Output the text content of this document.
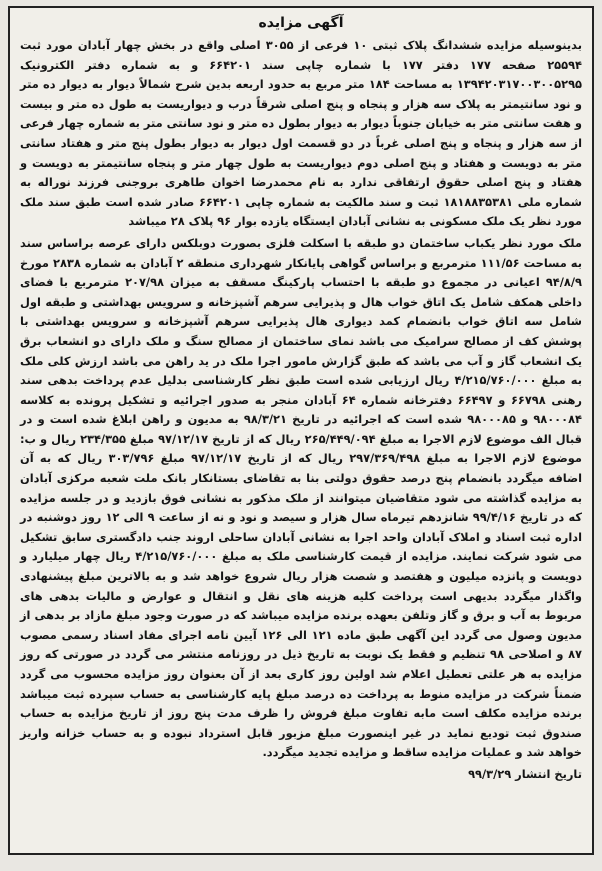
آگهی مزایده

بدینوسیله مزایده ششدانگ پلاک ثبتی ۱۰ فرعی از ۳۰۵۵ اصلی واقع در بخش چهار آبادان مورد ثبت ۲۵۵۹۴ صفحه ۱۷۷ دفتر ۱۷۷ با شماره چاپی سند ۶۶۴۲۰۱ و به شماره دفتر الکترونیک ۱۳۹۴۲۰۳۱۷۰۰۳۰۰۵۲۹۵ به مساحت ۱۸۴ متر مربع به حدود اربعه بدین شرح شمالاً دیوار به دیوار ده متر و نود سانتیمتر به پلاک سه هزار و پنجاه و پنج اصلی شرقاً درب و دیواریست به طول ده متر و بیست و هفت سانتی متر به خیابان جنوباً دیوار به دیوار بطول ده متر و نود سانتی متر به شماره چهار فرعی از سه هزار و پنجاه و پنج اصلی غرباً در دو قسمت اول دیوار به دیوار بطول پنج متر و هفتاد سانتی متر به دویست و هفتاد و پنج اصلی دوم دیواریست به طول چهار متر و پنجاه سانتیمتر به دویست و هفتاد و پنج اصلی حقوق ارتفاقی ندارد به نام محمدرضا اخوان طاهری بروجنی فرزند نوراله به شماره ملی ۱۸۱۸۸۳۵۳۸۱ ثبت و سند مالکیت به شماره چاپی ۶۶۴۲۰۱ صادر شده است طبق سند ملک مورد نظر یک ملک مسکونی به نشانی آبادان ایستگاه یازده بوار ۹۶ پلاک ۲۸ میباشد

ملک مورد نظر یکباب ساختمان دو طبقه با اسکلت فلزی بصورت دوبلکس دارای عرصه براساس سند به مساحت ۱۱۱/۵۶ مترمربع و براساس گواهی پایانکار شهرداری منطقه ۲ آبادان به شماره ۲۸۳۸ مورخ ۹۴/۸/۹ اعیانی در مجموع دو طبقه با احتساب پارکینگ مسقف به میزان ۲۰۷/۹۸ مترمربع با فضای داخلی همکف شامل یک اتاق خواب هال و پذیرایی سرهم آشپزخانه و سرویس بهداشتی و طبقه اول شامل سه اتاق خواب بانضمام کمد دیواری هال پذیرایی سرهم آشپزخانه و سرویس بهداشتی با پوشش کف از مصالح سرامیک می باشد نمای ساختمان از مصالح سنگ و ملک دارای دو انشعاب برق یک انشعاب گاز و آب می باشد که طبق گزارش مامور اجرا ملک در ید راهن می باشد ارزش کلی ملک به مبلغ ۴/۲۱۵/۷۶۰/۰۰۰ ریال ارزیابی شده است طبق نظر کارشناسی بدلیل عدم پرداخت بدهی سند رهنی ۶۶۷۹۸ و ۶۶۴۹۷ دفترخانه شماره ۶۴ آبادان منجر به صدور اجرائیه و تشکیل پرونده به کلاسه ۹۸۰۰۰۸۴ و ۹۸۰۰۰۸۵ شده است که اجرائیه در تاریخ ۹۸/۳/۲۱ به مدیون و راهن ابلاغ شده است و در قبال الف موضوع لازم الاجرا به مبلغ ۲۶۵/۴۴۹/۰۹۴ ریال که از تاریخ ۹۷/۱۲/۱۷ مبلغ ۲۳۴/۳۵۵ ریال و ب: موضوع لازم الاجرا به مبلغ ۲۹۷/۳۶۹/۴۹۸ ریال که از تاریخ ۹۷/۱۲/۱۷ مبلغ ۳۰۳/۷۹۶ ریال که به آن اضافه میگردد بانضمام پنج درصد حقوق دولتی بنا به تقاضای بستانکار بانک ملت شعبه مرکزی آبادان به مزایده گذاشته می شود متقاضیان میتوانند از ملک مذکور به نشانی فوق بازدید و در جلسه مزایده که در تاریخ ۹۹/۴/۱۶ شانزدهم تیرماه سال هزار و سیصد و نود و نه از ساعت ۹ الی ۱۲ روز دوشنبه در اداره ثبت اسناد و املاک آبادان واحد اجرا به نشانی آبادان ساحلی اروند جنب دادگستری سابق تشکیل می شود شرکت نمایند. مزایده از قیمت کارشناسی ملک به مبلغ ۴/۲۱۵/۷۶۰/۰۰۰ ریال چهار میلیارد و دویست و پانزده میلیون و هفتصد و شصت هزار ریال شروع خواهد شد و به بالاترین مبلغ پیشنهادی واگذار میگردد بدیهی است پرداخت کلیه هزینه های نقل و انتقال و عوارض و مالیات بدهی های مربوط به آب و برق و گاز وتلفن بعهده برنده مزایده میباشد که در صورت وجود مبلغ مازاد بر بدهی از مدیون وصول می گردد این آگهی طبق ماده ۱۲۱ الی ۱۲۶ آیین نامه اجرای مفاد اسناد رسمی مصوب ۸۷ و اصلاحی ۹۸ تنظیم و فقط یک نوبت به تاریخ ذیل در روزنامه منتشر می گردد در صورتی که روز مزایده به هر علتی تعطیل اعلام شد اولین روز کاری بعد از آن بعنوان روز مزایده محسوب می گردد ضمناً شرکت در مزایده منوط به پرداخت ده درصد مبلغ پایه کارشناسی به حساب سپرده ثبت میباشد برنده مزایده مکلف است مابه تفاوت مبلغ فروش را ظرف مدت پنج روز از تاریخ مزایده به حساب صندوق ثبت تودیع نماید در غیر اینصورت مبلغ مزبور قابل استرداد نبوده و به حساب خزانه واریز خواهد شد و عملیات مزایده ساقط و مزایده تجدید میگردد.

تاریخ انتشار ۹۹/۳/۲۹
